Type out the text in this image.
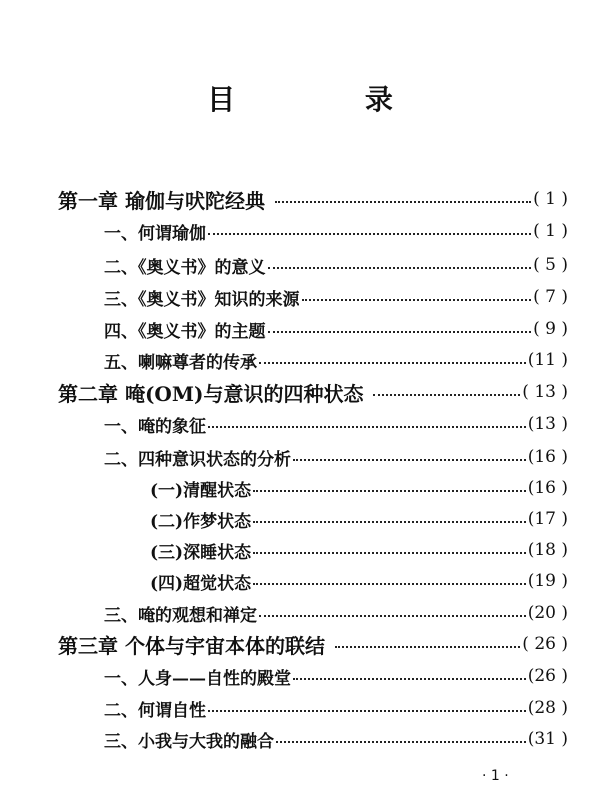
目 录
第一章 瑜伽与吠陀经典	( 1 )
一、何谓瑜伽	( 1 )
二、《奥义书》的意义	( 5 )
三、《奥义书》知识的来源	( 7 )
四、《奥义书》的主题	( 9 )
五、喇嘛尊者的传承	(11 )
第二章 唵(OM)与意识的四种状态	( 13 )
一、唵的象征	(13 )
二、四种意识状态的分析	(16 )
(一)清醒状态	(16 )
(二)作梦状态	(17 )
(三)深睡状态	(18 )
(四)超觉状态	(19 )
三、唵的观想和禅定	(20 )
第三章 个体与宇宙本体的联结	( 26 )
一、人身——自性的殿堂	(26 )
二、何谓自性	(28 )
三、小我与大我的融合	(31 )
· 1 ·
